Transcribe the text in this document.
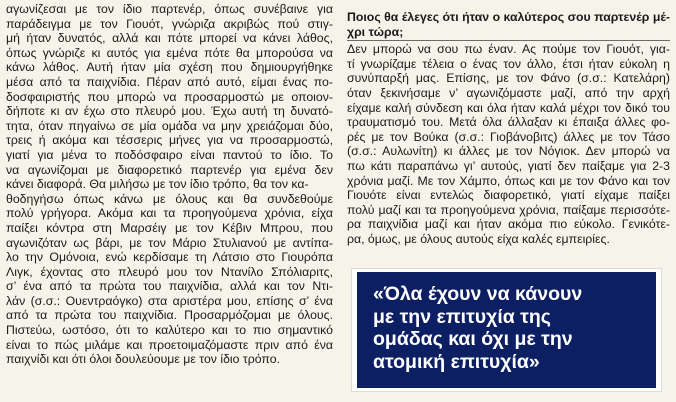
αγωνίζεσαι με τον ίδιο παρτενέρ, όπως συνέβαινε για
παράδειγμα με τον Γιουότ, γνώριζα ακριβώς πού στιγ-
μή ήταν δυνατός, αλλά και πότε μπορεί να κάνει λάθος,
όπως γνώριζε κι αυτός για εμένα πότε θα μπορούσα να
κάνω λάθος. Αυτή ήταν μία σχέση που δημιουργήθηκε
μέσα από τα παιχνίδια. Πέραν από αυτό, είμαι ένας πο-
δοσφαιριστής που μπορώ να προσαρμοστώ με οποιον-
δήποτε κι αν έχω στο πλευρό μου. Έχω αυτή τη δυνατό-
τητα, όταν πηγαίνω σε μία ομάδα να μην χρειάζομαι δύο,
τρεις ή ακόμα και τέσσερις μήνες για να προσαρμοστώ,
γιατί για μένα το ποδόσφαιρο είναι παντού το ίδιο. Το
να αγωνίζομαι με διαφορετικό παρτενέρ για εμένα δεν
κάνει διαφορά. Θα μιλήσω με τον ίδιο τρόπο, θα τον κα-
θοδηγήσω όπως κάνω με όλους και θα συνδεθούμε
πολύ γρήγορα. Ακόμα και τα προηγούμενα χρόνια, είχα
παίξει κόντρα στη Μαρσέιγ με τον Κέβιν Μπρου, που
αγωνιζόταν ως βάρι, με τον Μάριο Στυλιανού με αντίπα-
λο την Ομόνοια, ενώ κερδίσαμε τη Λάτσιο στο Γιουρόπα
Λιγκ, έχοντας στο πλευρό μου τον Ντανίλο Σπόλιαριτς,
σ’ ένα από τα πρώτα του παιχνίδια, αλλά και τον Ντι-
λάν (σ.σ.: Ουεντραόγκο) στα αριστέρα μου, επίσης σ’ ένα
από τα πρώτα του παιχνίδια. Προσαρμόζομαι με όλους.
Πιστεύω, ωστόσο, ότι το καλύτερο και το πιο σημαντικό
είναι το πώς μιλάμε και προετοιμαζόμαστε πριν από ένα
παιχνίδι και ότι όλοι δουλεύουμε με τον ίδιο τρόπο.
Ποιος θα έλεγες ότι ήταν ο καλύτερος σου παρτενέρ μέ-
χρι τώρα;
Δεν μπορώ να σου πω έναν. Ας πούμε τον Γιουότ, για-
τί γνωρίζαμε τέλεια ο ένας τον άλλο, έτσι ήταν εύκολη η
συνύπαρξή μας. Επίσης, με τον Φάνο (σ.σ.: Κατελάρη)
όταν ξεκινήσαμε ν’ αγωνιζόμαστε μαζί, από την αρχή
είχαμε καλή σύνδεση και όλα ήταν καλά μέχρι τον δικό του
τραυματισμό του. Μετά όλα άλλαξαν κι έπαιξα άλλες φο-
ρές με τον Βούκα (σ.σ.: Γιοβάνοβιτς) άλλες με τον Τάσο
(σ.σ.: Αυλωνίτη) κι άλλες με τον Νόγιοκ. Δεν μπορώ να
πω κάτι παραπάνω γι’ αυτούς, γιατί δεν παίξαμε για 2-3
χρόνια μαζί. Με τον Χάμπο, όπως και με τον Φάνο και τον
Γιουότε είναι εντελώς διαφορετικό, γιατί είχαμε παίξει
πολύ μαζί και τα προηγούμενα χρόνια, παίξαμε περισσότε-
ρα παιχνίδια μαζί και ήταν ακόμα πιο εύκολο. Γενικότε-
ρα, όμως, με όλους αυτούς είχα καλές εμπειρίες.
«Όλα έχουν να κάνουν
με την επιτυχία της
ομάδας και όχι με την
ατομική επιτυχία»
